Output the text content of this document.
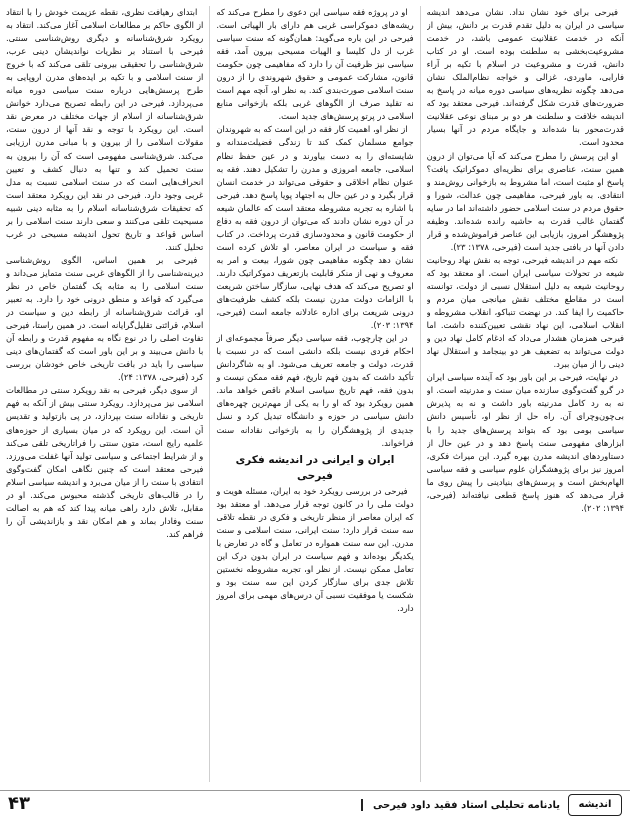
فیرحی برای خود نشان نداد. نشان می‌دهد اندیشه سیاسی در ایران به دلیل تقدم قدرت بر دانش، بیش از آنکه در خدمت عقلانیت عمومی باشد، در خدمت مشروعیت‌بخشی به سلطنت بوده است. او در کتاب دانش، قدرت و مشروعیت در اسلام با تکیه بر آراء فارابی، ماوردی، غزالی و خواجه نظام‌الملک نشان می‌دهد چگونه نظریه‌های سیاسی دوره میانه در پاسخ به ضرورت‌های قدرت شکل گرفته‌اند. فیرحی معتقد بود که اندیشه خلافت و سلطنت هر دو بر مبنای نوعی عقلانیت قدرت‌محور بنا شده‌اند و جایگاه مردم در آنها بسیار محدود است.

او این پرسش را مطرح می‌کند که آیا می‌توان از درون همین سنت، عناصری برای نظریه‌ای دموکراتیک یافت؟ پاسخ او مثبت است، اما مشروط به بازخوانی روش‌مند و انتقادی. به باور فیرحی، مفاهیمی چون عدالت، شورا و حقوق مردم در سنت اسلامی حضور داشته‌اند اما در سایه گفتمان غالب قدرت به حاشیه رانده شده‌اند. وظیفه پژوهشگر امروز، بازیابی این عناصر فراموش‌شده و قرار دادن آنها در بافتی جدید است (فیرحی، ۱۳۷۸: ۲۳).

نکته مهم در اندیشه فیرحی، توجه به نقش نهاد روحانیت شیعه در تحولات سیاسی ایران است. او معتقد بود که روحانیت شیعه به دلیل استقلال نسبی از دولت، توانسته است در مقاطع مختلف نقش میانجی میان مردم و حاکمیت را ایفا کند. در نهضت تنباکو، انقلاب مشروطه و انقلاب اسلامی، این نهاد نقشی تعیین‌کننده داشت. اما فیرحی همزمان هشدار می‌داد که ادغام کامل نهاد دین و دولت می‌تواند به تضعیف هر دو بینجامد و استقلال نهاد دینی را از میان ببرد.

در نهایت، فیرحی بر این باور بود که آینده سیاسی ایران در گرو گفت‌وگوی سازنده میان سنت و مدرنیته است. او نه به رد کامل مدرنیته باور داشت و نه به پذیرش بی‌چون‌وچرای آن. راه حل از نظر او، تأسیس دانش سیاسی بومی بود که بتواند پرسش‌های جدید را با ابزارهای مفهومی سنت پاسخ دهد و در عین حال از دستاوردهای اندیشه مدرن بهره گیرد. این میراث فکری، امروز نیز برای پژوهشگران علوم سیاسی و فقه سیاسی الهام‌بخش است و پرسش‌های بنیادینی را پیش روی ما قرار می‌دهد که هنوز پاسخ قطعی نیافته‌اند (فیرحی، ۱۳۹۴: ۲۰۲).

او در پروژه فقه سیاسی این دعوی را مطرح می‌کند که ریشه‌های دموکراسی غربی هم دارای بار الهیاتی است. فیرحی در این باره می‌گوید: همان‌گونه که سنت سیاسی غرب از دل کلیسا و الهیات مسیحی بیرون آمد، فقه سیاسی نیز ظرفیت آن را دارد که مفاهیمی چون حکومت قانون، مشارکت عمومی و حقوق شهروندی را از درون سنت اسلامی صورت‌بندی کند. به نظر او، آنچه مهم است نه تقلید صرف از الگوهای غربی بلکه بازخوانی منابع اسلامی در پرتو پرسش‌های جدید است.

از نظر او، اهمیت کار فقه در این است که به شهروندان جوامع مسلمان کمک کند تا زندگی فضیلت‌مندانه و شایسته‌ای را به دست بیاورند و در عین حفظ نظام اسلامی، جامعه امروزی و مدرن را تشکیل دهند. فقه به عنوان نظام اخلاقی و حقوقی می‌تواند در خدمت انسان قرار بگیرد و در عین حال به اجتهاد پویا پاسخ دهد. فیرحی با اشاره به تجربه مشروطه معتقد است که عالمان شیعه در آن دوره نشان دادند که می‌توان از درون فقه به دفاع از حکومت قانون و محدودسازی قدرت پرداخت. در کتاب فقه و سیاست در ایران معاصر، او تلاش کرده است نشان دهد چگونه مفاهیمی چون شورا، بیعت و امر به معروف و نهی از منکر قابلیت بازتعریف دموکراتیک دارند. او تصریح می‌کند که هدف نهایی، سازگار ساختن شریعت با الزامات دولت مدرن نیست بلکه کشف ظرفیت‌های درونی شریعت برای اداره عادلانه جامعه است (فیرحی، ۱۳۹۴: ۲۰۳).

در این چارچوب، فقه سیاسی دیگر صرفاً مجموعه‌ای از احکام فردی نیست بلکه دانشی است که در نسبت با قدرت، دولت و جامعه تعریف می‌شود. او به شاگردانش تأکید داشت که بدون فهم تاریخ، فهم فقه ممکن نیست و بدون فقه، فهم تاریخ سیاسی اسلام ناقص خواهد ماند. همین رویکرد بود که او را به یکی از مهم‌ترین چهره‌های دانش سیاسی در حوزه و دانشگاه تبدیل کرد و نسل جدیدی از پژوهشگران را به بازخوانی نقادانه سنت فراخواند.

ایران و ایرانی در اندیشه فکری فیرحی

فیرحی در بررسی رویکرد خود به ایران، مسئله هویت و دولت ملی را در کانون توجه قرار می‌دهد. او معتقد بود که ایران معاصر از منظر تاریخی و فکری در نقطه تلاقی سه سنت قرار دارد: سنت ایرانی، سنت اسلامی و سنت مدرن. این سه سنت همواره در تعامل و گاه در تعارض با یکدیگر بوده‌اند و فهم سیاست در ایران بدون درک این تعامل ممکن نیست. از نظر او، تجربه مشروطه نخستین تلاش جدی برای سازگار کردن این سه سنت بود و شکست یا موفقیت نسبی آن درس‌های مهمی برای امروز دارد.

ابتدای رهیافت نظری، نقطه عزیمت خودش را با انتقاد از الگوی حاکم بر مطالعات اسلامی آغاز می‌کند. انتقاد به رویکرد شرق‌شناسانه و دیگری روش‌شناسی سنتی. فیرحی با استناد بر نظریات نواندیشان دینی عرب، شرق‌شناسی را تحقیقی بیرونی تلقی می‌کند که با خروج از سنت اسلامی و با تکیه بر ایده‌های مدرن اروپایی به طرح پرسش‌هایی درباره سنت سیاسی دوره میانه می‌پردازد. فیرحی در این رابطه تصریح می‌دارد خوانش شرق‌شناسانه از اسلام از جهات مختلف در معرض نقد است. این رویکرد با توجه و نقد آنها از درون سنت، مقولات اسلامی را از بیرون و با مبانی مدرن ارزیابی می‌کند. شرق‌شناسی مفهومی است که آن را بیرون به سنت تحمیل کند و تنها به دنبال کشف و تعیین انحراف‌هایی است که در سنت اسلامی نسبت به مدل غربی وجود دارد. فیرحی در نقد این رویکرد معتقد است که تحقیقات شرق‌شناسانه اسلام را به مثابه دینی شبیه مسیحیت تلقی می‌کنند و سعی دارند سنت اسلامی را بر اساس قواعد و تاریخ تحول اندیشه مسیحی در غرب تحلیل کنند.

فیرحی بر همین اساس، الگوی روش‌شناسی دیرینه‌شناسی را از الگوهای غربی سنت متمایز می‌داند و سنت اسلامی را به مثابه یک گفتمان خاص در نظر می‌گیرد که قواعد و منطق درونی خود را دارد. به تعبیر او، قرائت شرق‌شناسانه از رابطه دین و سیاست در اسلام، قرائتی تقلیل‌گرایانه است. در همین راستا، فیرحی تفاوت اصلی را در نوع نگاه به مفهوم قدرت و رابطه آن با دانش می‌بیند و بر این باور است که گفتمان‌های دینی سیاسی را باید در بافت تاریخی خاص خودشان بررسی کرد (فیرحی، ۱۳۷۸: ۲۴).

از سوی دیگر، فیرحی به نقد رویکرد سنتی در مطالعات اسلامی نیز می‌پردازد. رویکرد سنتی بیش از آنکه به فهم تاریخی و نقادانه سنت بپردازد، در پی بازتولید و تقدیس آن است. این رویکرد که در میان بسیاری از حوزه‌های علمیه رایج است، متون سنتی را فراتاریخی تلقی می‌کند و از شرایط اجتماعی و سیاسی تولید آنها غفلت می‌ورزد. فیرحی معتقد است که چنین نگاهی امکان گفت‌وگوی انتقادی با سنت را از میان می‌برد و اندیشه سیاسی اسلام را در قالب‌های تاریخی گذشته محبوس می‌کند. او در مقابل، تلاش دارد راهی میانه پیدا کند که هم به اصالت سنت وفادار بماند و هم امکان نقد و بازاندیشی آن را فراهم کند.

۴۳	یادنامه تحلیلی استاد فقید داود فیرحی	اندیشه
